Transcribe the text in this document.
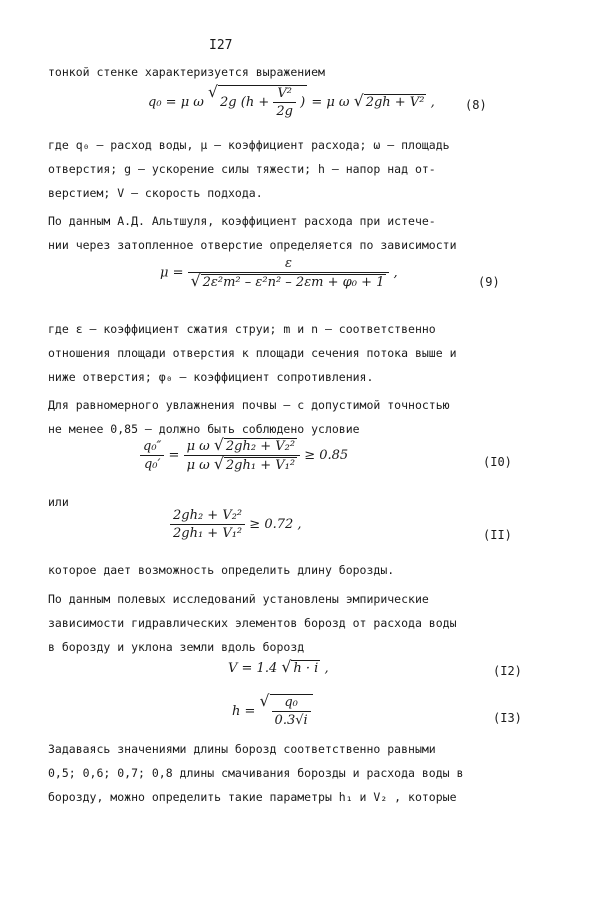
I27
тонкой стенке характеризуется выражением
q₀ = μ ω √ 2g ($h + \frac{\text{V²}}{2g}$ ) = μ ω √ 2gh + V² ,	(8)
где q₀ – расход воды, μ – коэффициент расхода; ω – площадь
отверстия; g – ускорение силы тяжести; h – напор над от-
верстием; V – скорость подхода.
По данным А.Д. Альтшуля, коэффициент расхода при истече-
нии через затопленное отверстие определяется по зависимости
μ = ε
√ 2ε²m² – ε²n² – 2εm + φ₀ + 1 ,
(9)
где ε – коэффициент сжатия струи; m и n – соответственно
отношения площади отверстия к площади сечения потока выше и
ниже отверстия; φ₀ – коэффициент сопротивления.
Для равномерного увлажнения почвы – с допустимой точностью
не менее 0,85 – должно быть соблюдено условие
$\frac{\text{q₀″}}{\text{q₀′}} = \frac{\text{μ ω √ 2gh₂ + V₂²}}{\text{μ ω √ 2gh₁ + V₁²}} \ge 0.85$	(I0)
или
$\frac{\text{2gh₂ + V₂²}}{\text{2gh₁ + V₁²}} \ge 0.72$ ,
(II)
которое дает возможность определить длину борозды.
По данным полевых исследований установлены эмпирические
зависимости гидравлических элементов борозд от расхода воды
в борозду и уклона земли вдоль борозд
V = 1.4 √ h · i ,	(I2)
h = √ $\frac{\text{q₀}}{0.3√i}$	(I3)
Задаваясь значениями длины борозд соответственно равными
0,5; 0,6; 0,7; 0,8 длины смачивания борозды и расхода воды в
борозду, можно определить такие параметры h₁ и V₂ , которые
